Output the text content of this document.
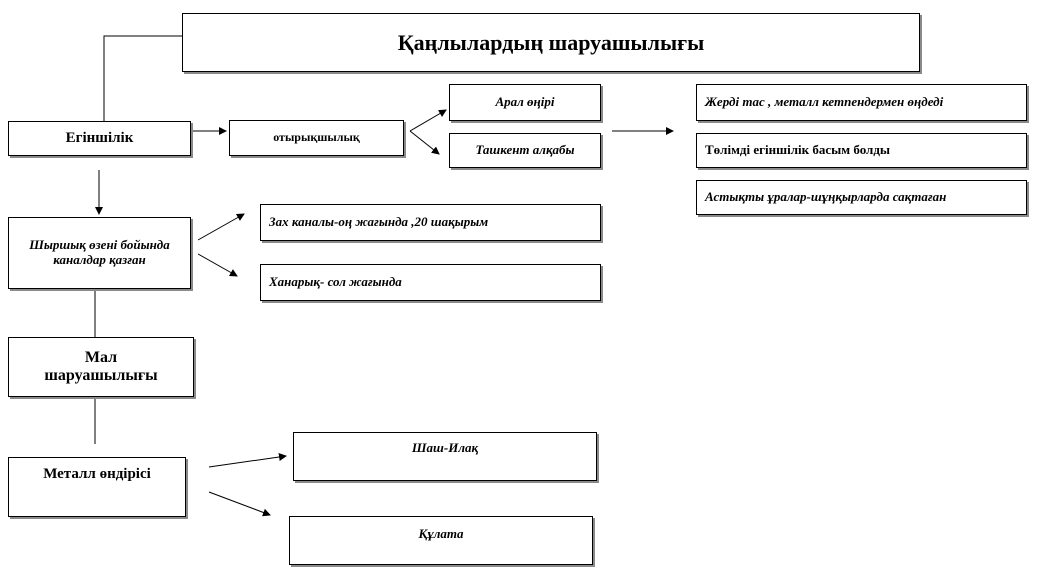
Қаңлылардың шаруашылығы
Егіншілік	отырықшылық
Арал өңірі
Ташкент алқабы
Жерді тас , металл кетпендермен өңдеді
Төлімді егіншілік басым болды
Астықты ұралар-шұңқырларда сақтаған
Шыршық өзені бойында каналдар қазған
Зах каналы-оң жағында ,20 шақырым
Ханарық- сол жағында
Мал шаруашылығы
Металл өндірісі
Шаш-Илақ
Құлата
